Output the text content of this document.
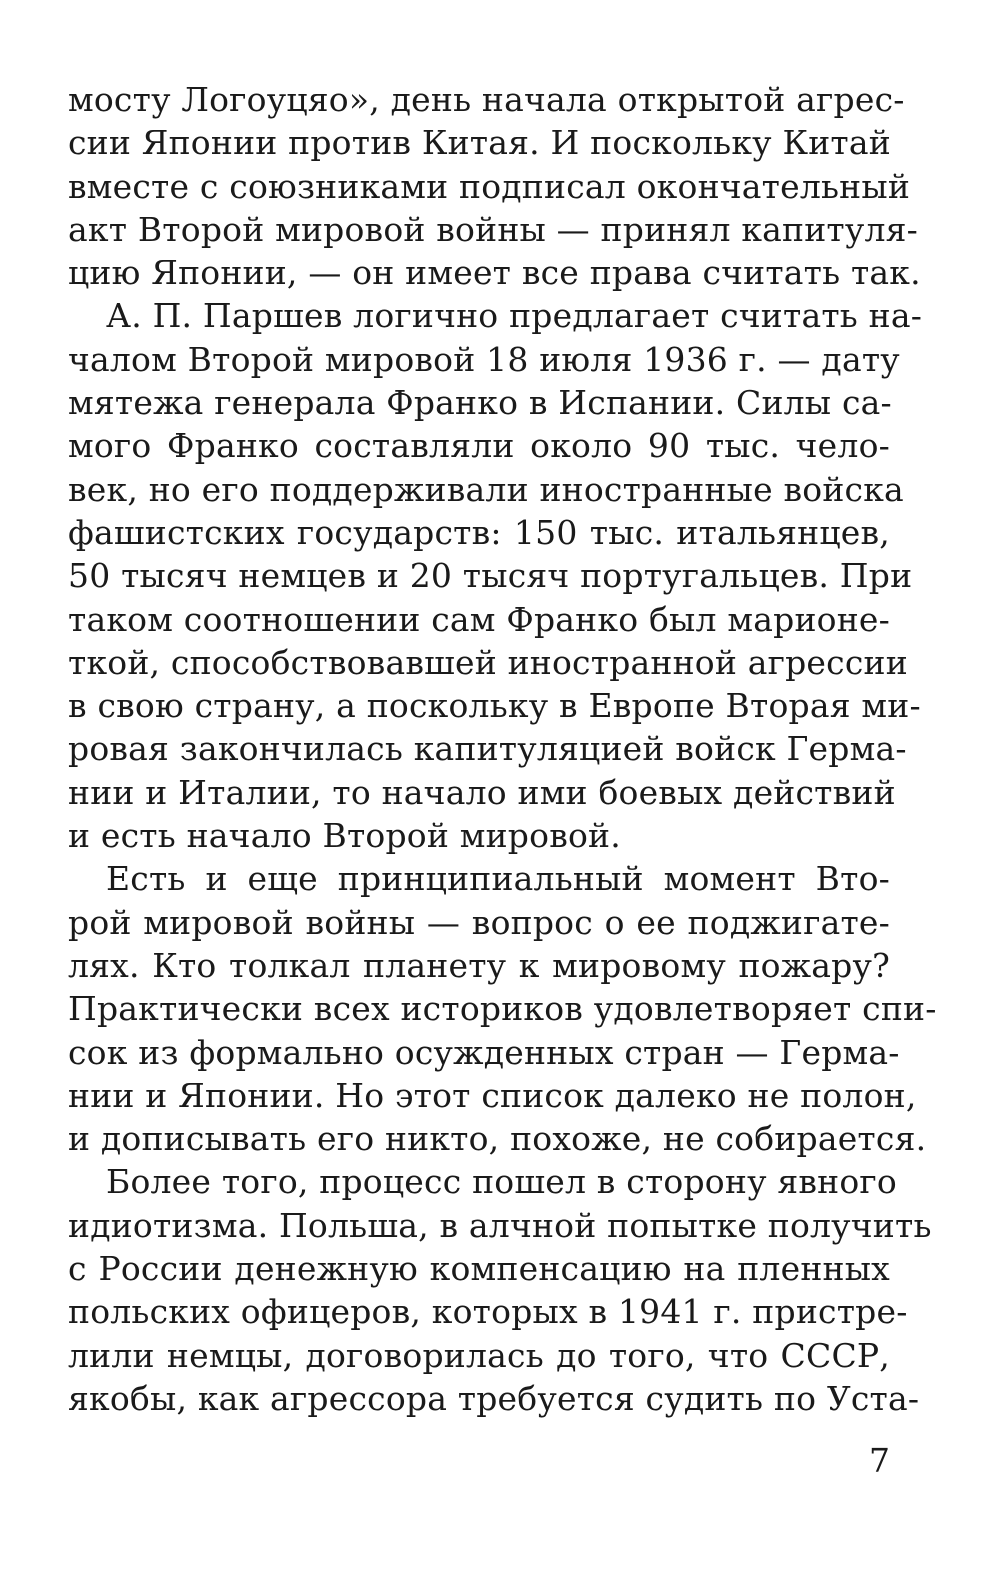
мосту Логоуцяо», день начала открытой агрес-
сии Японии против Китая. И поскольку Китай
вместе с союзниками подписал окончательный
акт Второй мировой войны — принял капитуля-
цию Японии, — он имеет все права считать так.
А. П. Паршев логично предлагает считать на-
чалом Второй мировой 18 июля 1936 г. — дату
мятежа генерала Франко в Испании. Силы са-
мого Франко составляли около 90 тыс. чело-
век, но его поддерживали иностранные войска
фашистских государств: 150 тыс. итальянцев,
50 тысяч немцев и 20 тысяч португальцев. При
таком соотношении сам Франко был марионе-
ткой, способствовавшей иностранной агрессии
в свою страну, а поскольку в Европе Вторая ми-
ровая закончилась капитуляцией войск Герма-
нии и Италии, то начало ими боевых действий
и есть начало Второй мировой.
Есть и еще принципиальный момент Вто-
рой мировой войны — вопрос о ее поджигате-
лях. Кто толкал планету к мировому пожару?
Практически всех историков удовлетворяет спи-
сок из формально осужденных стран — Герма-
нии и Японии. Но этот список далеко не полон,
и дописывать его никто, похоже, не собирается.
Более того, процесс пошел в сторону явного
идиотизма. Польша, в алчной попытке получить
с России денежную компенсацию на пленных
польских офицеров, которых в 1941 г. пристре-
лили немцы, договорилась до того, что СССР,
якобы, как агрессора требуется судить по Уста-
7
